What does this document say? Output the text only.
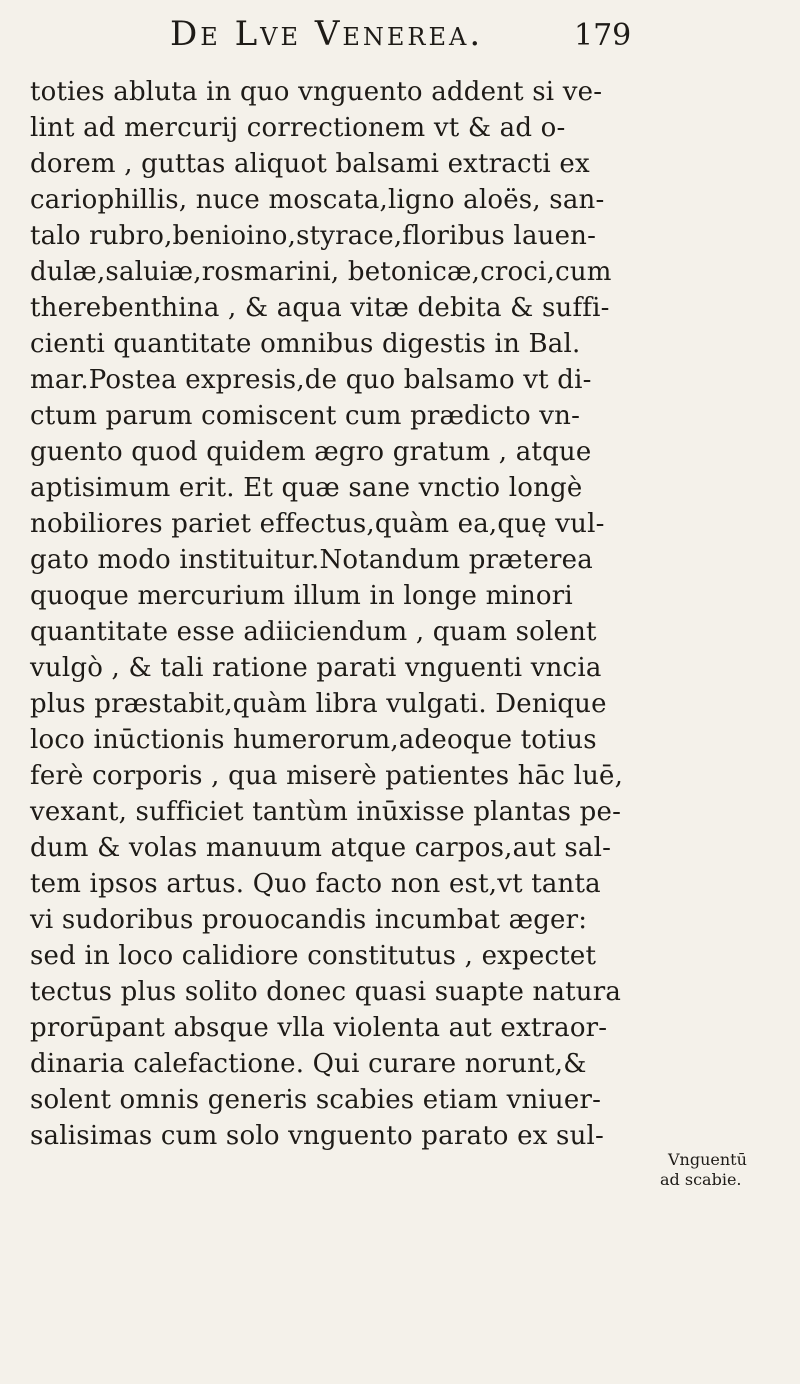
De Lve Venerea.	179
toties abluta in quo vnguento addent si ve-
lint ad mercurij correctionem vt & ad o-
dorem , guttas aliquot balsami extracti ex
cariophillis, nuce moscata,ligno aloës, san-
talo rubro,benioino,styrace,floribus lauen-
dulæ,saluiæ,rosmarini, betonicæ,croci,cum
therebenthina , & aqua vitæ debita & suffi-
cienti quantitate omnibus digestis in Bal.
mar.Postea expresis,de quo balsamo vt di-
ctum parum comiscent cum prædicto vn-
guento quod quidem ægro gratum , atque
aptisimum erit. Et quæ sane vnctio longè
nobiliores pariet effectus,quàm ea,quę vul-
gato modo instituitur.Notandum præterea
quoque mercurium illum in longe minori
quantitate esse adiiciendum , quam solent
vulgò , & tali ratione parati vnguenti vncia
plus præstabit,quàm libra vulgati. Denique
loco inūctionis humerorum,adeoque totius
ferè corporis , qua miserè patientes hāc luē,
vexant, sufficiet tantùm inūxisse plantas pe-
dum & volas manuum atque carpos,aut sal-
tem ipsos artus. Quo facto non est,vt tanta
vi sudoribus prouocandis incumbat æger:
sed in loco calidiore constitutus , expectet
tectus plus solito donec quasi suapte natura
prorūpant absque vlla violenta aut extraor-
dinaria calefactione. Qui curare norunt,&
solent omnis generis scabies etiam vniuer-
salisimas cum solo vnguento parato ex sul-
Vnguentū
ad scabie.
